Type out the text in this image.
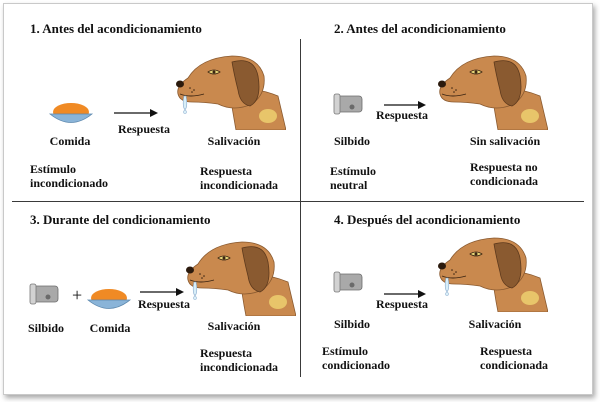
1. Antes del acondicionamiento
Comida
Respuesta
Salivación
Estímulo incondicionado
Respuesta incondicionada
2. Antes del acondicionamiento
Silbido
Respuesta
Sin salivación
Estímulo neutral
Respuesta no condicionada
3. Durante del condicionamiento
Silbido
+
Comida
Respuesta
Salivación
Respuesta incondicionada
4. Después del acondicionamiento
Silbido
Respuesta
Salivación
Estímulo condicionado
Respuesta condicionada
